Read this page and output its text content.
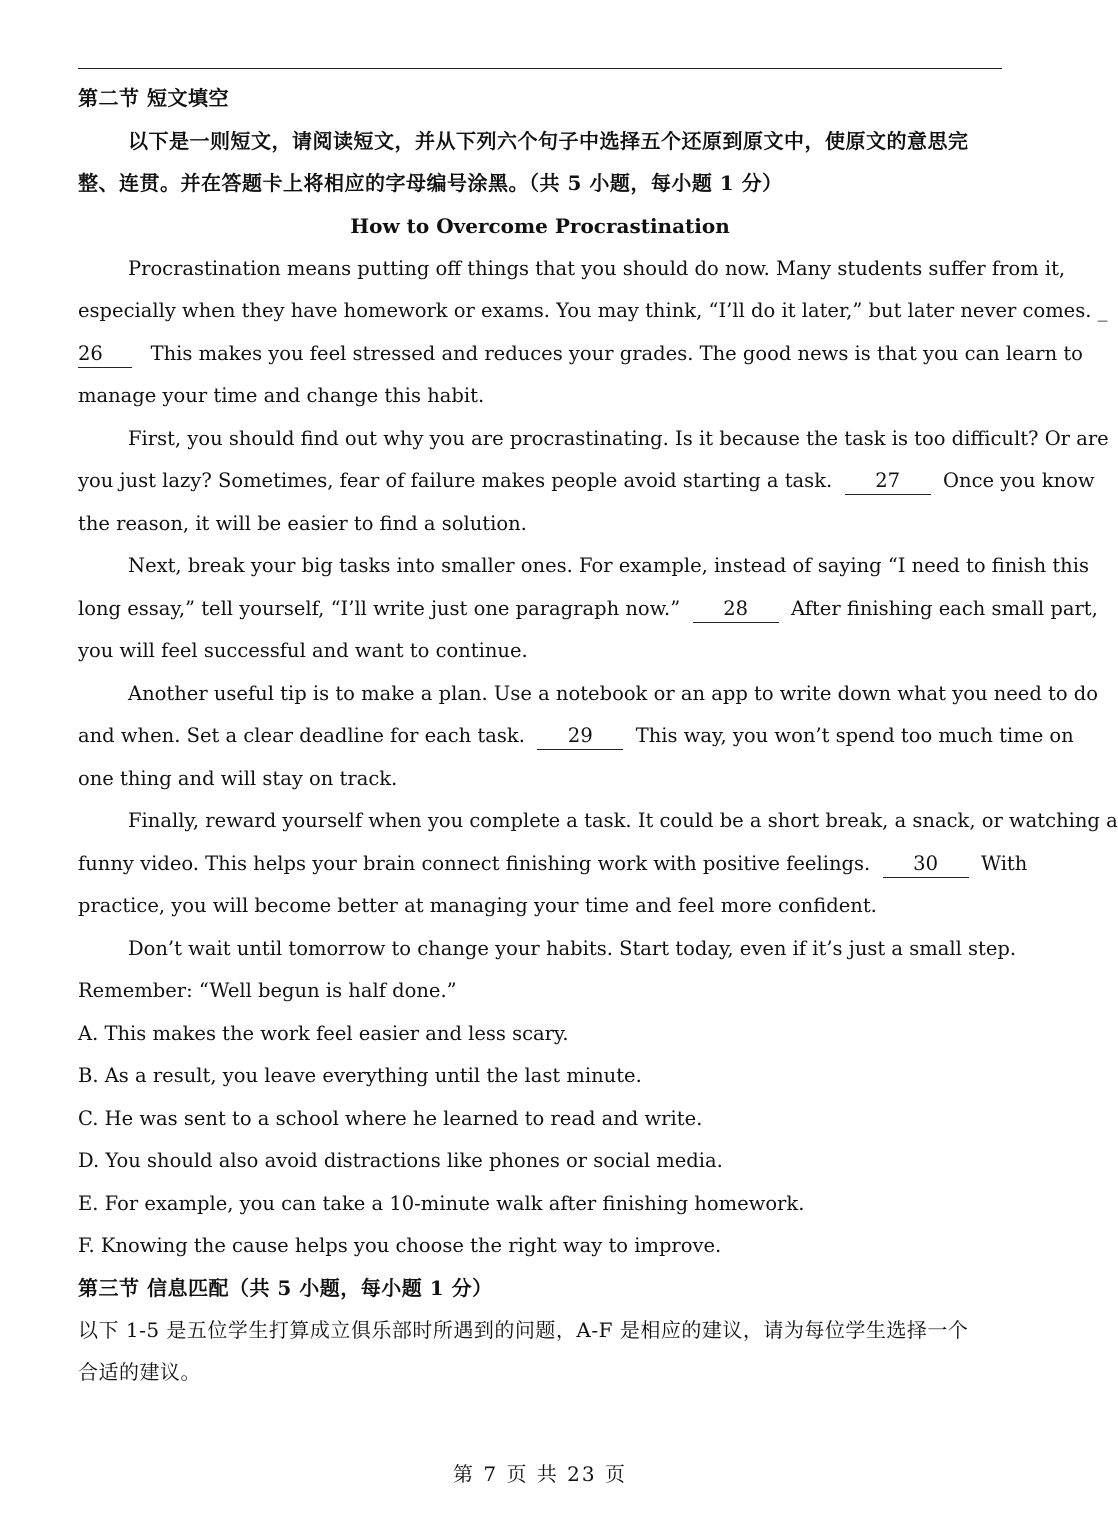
第二节 短文填空
以下是一则短文，请阅读短文，并从下列六个句子中选择五个还原到原文中，使原文的意思完
整、连贯。并在答题卡上将相应的字母编号涂黑。（共 5 小题，每小题 1 分）
How to Overcome Procrastination
Procrastination means putting off things that you should do now. Many students suffer from it,
especially when they have homework or exams. You may think, “I’ll do it later,” but later never comes. _
26 This makes you feel stressed and reduces your grades. The good news is that you can learn to
manage your time and change this habit.
First, you should find out why you are procrastinating. Is it because the task is too difficult? Or are
you just lazy? Sometimes, fear of failure makes people avoid starting a task. 27 Once you know
the reason, it will be easier to find a solution.
Next, break your big tasks into smaller ones. For example, instead of saying “I need to finish this
long essay,” tell yourself, “I’ll write just one paragraph now.” 28 After finishing each small part,
you will feel successful and want to continue.
Another useful tip is to make a plan. Use a notebook or an app to write down what you need to do
and when. Set a clear deadline for each task. 29 This way, you won’t spend too much time on
one thing and will stay on track.
Finally, reward yourself when you complete a task. It could be a short break, a snack, or watching a
funny video. This helps your brain connect finishing work with positive feelings. 30 With
practice, you will become better at managing your time and feel more confident.
Don’t wait until tomorrow to change your habits. Start today, even if it’s just a small step.
Remember: “Well begun is half done.”
A. This makes the work feel easier and less scary.
B. As a result, you leave everything until the last minute.
C. He was sent to a school where he learned to read and write.
D. You should also avoid distractions like phones or social media.
E. For example, you can take a 10-minute walk after finishing homework.
F. Knowing the cause helps you choose the right way to improve.
第三节 信息匹配（共 5 小题，每小题 1 分）
以下 1-5 是五位学生打算成立俱乐部时所遇到的问题，A-F 是相应的建议，请为每位学生选择一个
合适的建议。
第 7 页 共 23 页
